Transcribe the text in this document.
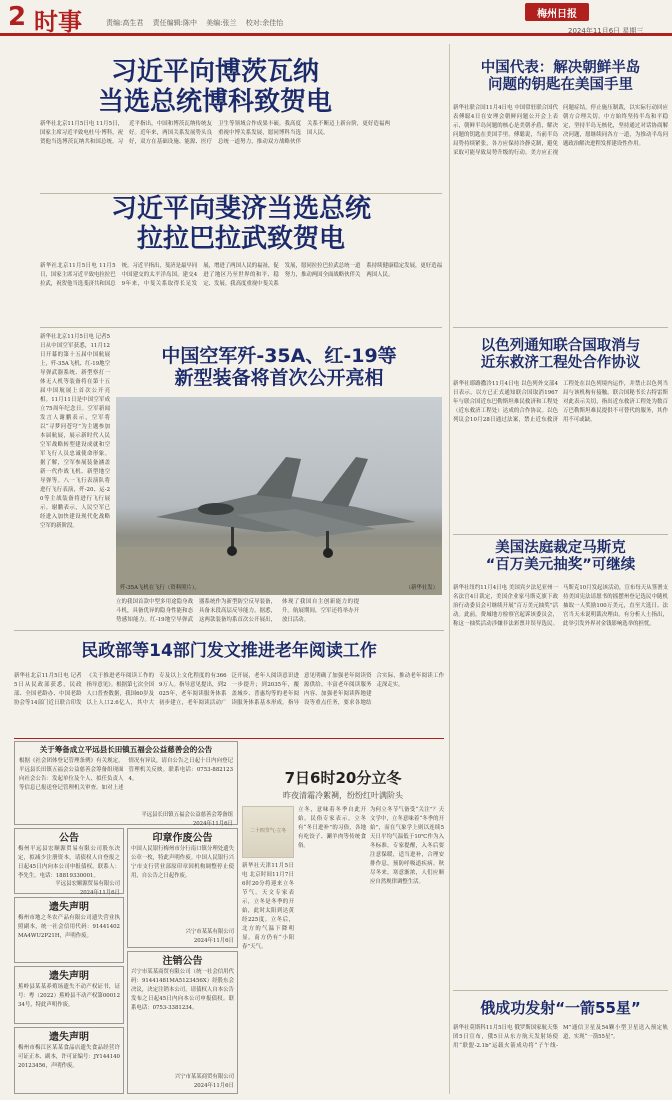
2 时事	责编:高生君　 责任编辑:陈中　 美编:张兰　 校对:余佳怡
梅州日报
2024年11月6日 星期三
习近平向博茨瓦纳
当选总统博科致贺电
新华社北京11月5日电 11月5日，国家主席习近平致电杜马·博科，祝贺他当选博茨瓦纳共和国总统。习近平指出，中国和博茨瓦纳传统友好。近年来，两国关系发展势头良好，双方在基础设施、能源、医疗卫生等领域合作成果丰硕。我高度重视中博关系发展，愿同博科当选总统一道努力，推动双方战略伙伴关系不断迈上新台阶，更好造福两国人民。
习近平向斐济当选总统
拉拉巴拉武致贺电
新华社北京11月5日电 11月5日，国家主席习近平致电拉拉巴拉武，祝贺他当选斐济共和国总统。习近平指出，斐济是最早同中国建交的太平洋岛国。建交49年来，中斐关系取得长足发展，增进了两国人民的福祉，促进了地区乃至世界的和平、稳定、发展。我高度重视中斐关系发展，愿同拉拉巴拉武总统一道努力，推动两国全面战略伙伴关系持续健康稳定发展，更好造福两国人民。
新华社北京11月5日电 记者5日从中国空军获悉，11月12日开幕的第十五届中国航展上，歼-35A飞机、红-19地空导弹武器系统、新型察打一体无人机等装备将在第十五届中国航展上首次公开亮相。11月11日是中国空军成立75周年纪念日。空军新闻发言人谢鹏表示，空军将以“寻梦问苍穹”为主题参加本届航展，展示新时代人民空军战略转型建设成就和空军飞行人员忠诚使命形象。据了解，空军参展装备涵盖新一代作战飞机、新型地空导弹等。八一飞行表演队将进行飞行表演，歼-20、运-20等主战装备将进行飞行展示。谢鹏表示，人民空军已经进入加快建设现代化战略空军的新阶段。
中国空军歼-35A、红-19等
新型装备将首次公开亮相
歼-35A飞机在飞行（资料照片）。	（新华社发）
立的我国首款中型多用途隐身战斗机，具备优异的隐身性能和态势感知能力。红-19地空导弹武器系统作为新型防空反导装备，具备末段高层反导能力。据悉，这两款装备均系首次公开展出，体现了我国自主创新能力的提升。航展期间，空军还将举办开放日活动。
中国代表：解决朝鲜半岛
问题的钥匙在美国手里
新华社联合国11月4日电 中国常驻联合国代表傅聪4日在安理会朝鲜问题公开会上表示，朝鲜半岛问题的核心是美朝矛盾，解决问题的钥匙在美国手里。傅聪说，当前半岛局势持续紧张，各方应保持冷静克制，避免采取可能导致局势升级的行动。美方应正视问题症结，停止施压制裁，以实际行动回应朝方合理关切。中方始终坚持半岛和平稳定，坚持半岛无核化，坚持通过对话协商解决问题，愿继续同各方一道，为推动半岛问题政治解决进程发挥建设性作用。
以色列通知联合国取消与
近东救济工程处合作协议
新华社耶路撒冷11月4日电 以色列外交部4日表示，以方已正式通知联合国取消1967年与联合国近东巴勒斯坦难民救济和工程处（近东救济工程处）达成的合作协议。以色列议会10月28日通过法案，禁止近东救济工程处在以色列境内运作，并禁止以色列当局与该机构有接触。联合国秘书长古特雷斯对此表示关切，指出近东救济工程处为数百万巴勒斯坦难民提供不可替代的服务，其作用不可或缺。
美国法庭裁定马斯克
“百万美元抽奖”可继续
新华社纽约11月4日电 美国宾夕法尼亚州一名法官4日裁定，美国企业家马斯克旗下政治行动委员会可继续开展“百万美元抽奖”活动。此前，费城地方检察官起诉该委员会，称这一抽奖活动涉嫌非法彩票并误导选民。马斯克10月发起该活动，宣布每天从签署支持美国宪法请愿书的摇摆州登记选民中随机抽取一人奖励100万美元，直至大选日。法官当天未说明裁决理由。有分析人士指出，此举引发外界对金钱影响选举的担忧。
俄成功发射“一箭55星”
新华社莫斯科11月5日电 俄罗斯国家航天集团5日宣布，俄5日从东方航天发射场使用“联盟-2.1b”运载火箭成功将“子午线-M”通信卫星及54颗小型卫星送入预定轨道，实现“一箭55星”。
民政部等14部门发文推进老年阅读工作
新华社北京11月5日电 记者5日从民政部获悉，民政部、全国老龄办、中国老龄协会等14部门近日联合印发《关于推进老年阅读工作的指导意见》。根据第七次全国人口普查数据，我国60岁及以上人口2.6亿人，其中大专及以上文化程度的有3669万人。指导意见提出，到2025年，老年阅读服务体系初步建立，老年阅读活动广泛开展，老年人阅读意识进一步提升；到2035年，覆盖城乡、普惠均等的老年阅读服务体系基本形成。指导意见明确了加强老年阅读资源供给、丰富老年阅读服务内容、加强老年阅读阵地建设等重点任务，要求各地结合实际，推动老年阅读工作走深走实。
关于筹备成立平远县长田镇五福会公益慈善会的公告
根据《社会团体登记管理条例》有关规定，平远县长田镇五福会公益慈善会筹备组现面向社会公告：发起单位及个人、拟任负责人等信息已报送登记管理机关审查。如对上述情况有异议，请自公告之日起十日内向登记管理机关反映。联系电话：0753-8821234。
平远县长田镇五福会公益慈善会筹备组
2024年11月6日
公告
梅州平远县宏顺源贸易有限公司股东决定，拟减少注册资本，请债权人自登报之日起45日内向本公司申报债权。联系人：李先生，电话：18819330001。
平远县宏顺源贸易有限公司
2024年11月6日
遗失声明
梅州市地之冬农产品有限公司遗失营业执照副本，统一社会信用代码：91441402MA4WU2P21H，声明作废。
遗失声明
蕉岭县某某养殖场遗失不动产权证书，证号：粤（2022）蕉岭县不动产权第0001234号，特此声明作废。
遗失声明
梅州市梅江区某某食品店遗失食品经营许可证正本、副本，许可证编号：JY14414020123456，声明作废。
印章作废公告
中国人民银行梅州市分行南口镇分理处遗失公章一枚，特此声明作废。中国人民银行兴宁市支行营业部原印章因机构调整停止使用，自公告之日起作废。
兴宁市某某有限公司
2024年11月6日
注销公告
兴宁市某某商贸有限公司（统一社会信用代码：91441481MA5123456X）经股东会决议，决定注销本公司。请债权人自本公告发布之日起45日内向本公司申报债权。联系电话：0753-3381234。
兴宁市某某商贸有限公司
2024年11月6日
7日6时20分立冬
昨夜清霜冷絮裯，纷纷红叶满阶头
二十四节气·立冬
新华社天津11月5日电 北京时间11月7日6时20分将迎来立冬节气。天文专家表示，立冬是冬季的开始，此时太阳到达黄经225度。立冬后，北方的气温下降明显，南方仍有“小阳春”天气。
立冬，意味着冬季自此开始。民俗专家表示，立冬有“冬日进补”的习俗，各地有吃饺子、涮羊肉等传统食俗。
为何立冬节气备受“关注”？天文学中，立冬意味着“冬季的开始”，而在气象学上则以连续5天日平均气温低于10℃作为入冬标准。专家提醒，入冬后要注意保暖，适当进补，合理安排作息，预防呼吸道疾病。秋尽冬来，寒意渐浓，人们应顺应自然规律调整生活。
